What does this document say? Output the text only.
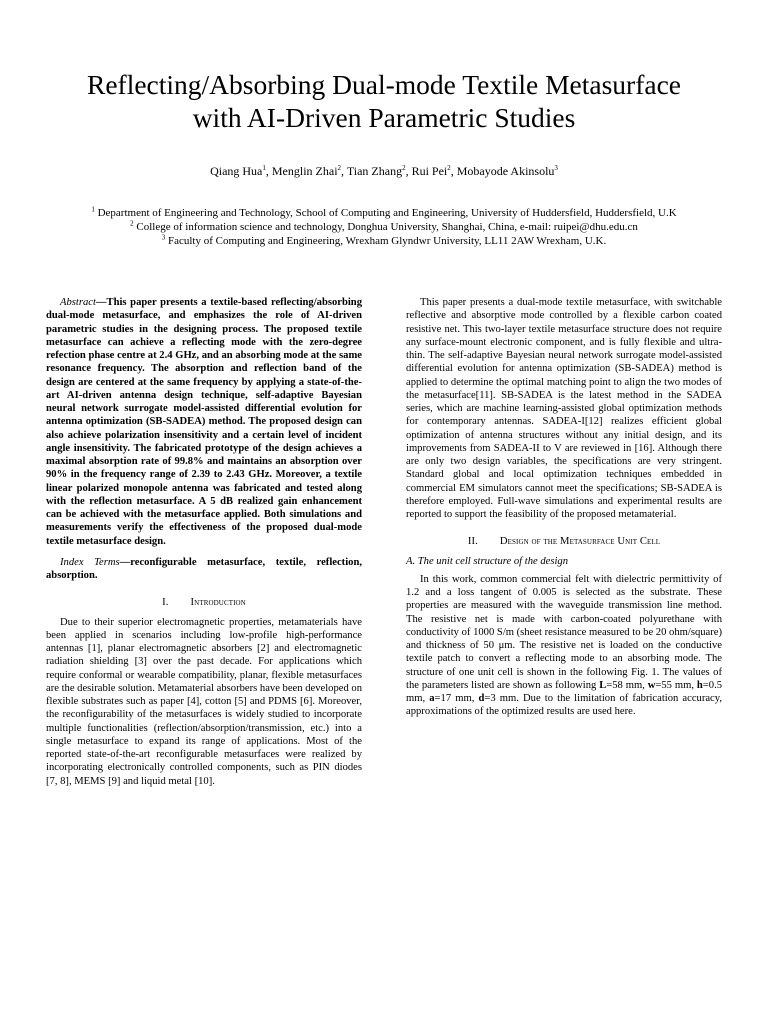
Reflecting/Absorbing Dual-mode Textile Metasurface
with AI-Driven Parametric Studies
Qiang Hua$^1$, Menglin Zhai$^2$, Tian Zhang$^2$, Rui Pei$^2$, Mobayode Akinsolu$^3$
$^1$ Department of Engineering and Technology, School of Computing and Engineering, University of Huddersfield, Huddersfield, U.K
$^2$ College of information science and technology, Donghua University, Shanghai, China, e-mail: ruipei@dhu.edu.cn
$^3$ Faculty of Computing and Engineering, Wrexham Glyndwr University, LL11 2AW Wrexham, U.K.

Abstract—This paper presents a textile-based reflecting/absorbing dual-mode metasurface, and emphasizes the role of AI-driven parametric studies in the designing process. The proposed textile metasurface can achieve a reflecting mode with the zero-degree refection phase centre at 2.4 GHz, and an absorbing mode at the same resonance frequency. The absorption and reflection band of the design are centered at the same frequency by applying a state-of-the-art AI-driven antenna design technique, self-adaptive Bayesian neural network surrogate model-assisted differential evolution for antenna optimization (SB-SADEA) method. The proposed design can also achieve polarization insensitivity and a certain level of incident angle insensitivity. The fabricated prototype of the design achieves a maximal absorption rate of 99.8% and maintains an absorption over 90% in the frequency range of 2.39 to 2.43 GHz. Moreover, a textile linear polarized monopole antenna was fabricated and tested along with the reflection metasurface. A 5 dB realized gain enhancement can be achieved with the metasurface applied. Both simulations and measurements verify the effectiveness of the proposed dual-mode textile metasurface design.

Index Terms—reconfigurable metasurface, textile, reflection, absorption.

I. Introduction

Due to their superior electromagnetic properties, metamaterials have been applied in scenarios including low-profile high-performance antennas [1], planar electromagnetic absorbers [2] and electromagnetic radiation shielding [3] over the past decade. For applications which require conformal or wearable compatibility, planar, flexible metasurfaces are the desirable solution. Metamaterial absorbers have been developed on flexible substrates such as paper [4], cotton [5] and PDMS [6]. Moreover, the reconfigurability of the metasurfaces is widely studied to incorporate multiple functionalities (reflection/absorption/transmission, etc.) into a single metasurface to expand its range of applications. Most of the reported state-of-the-art reconfigurable metasurfaces were realized by incorporating electronically controlled components, such as PIN diodes [7, 8], MEMS [9] and liquid metal [10].

This paper presents a dual-mode textile metasurface, with switchable reflective and absorptive mode controlled by a flexible carbon coated resistive net. This two-layer textile metasurface structure does not require any surface-mount electronic component, and is fully flexible and ultra-thin. The self-adaptive Bayesian neural network surrogate model-assisted differential evolution for antenna optimization (SB-SADEA) method is applied to determine the optimal matching point to align the two modes of the metasurface[11]. SB-SADEA is the latest method in the SADEA series, which are machine learning-assisted global optimization methods for contemporary antennas. SADEA-I[12] realizes efficient global optimization of antenna structures without any initial design, and its improvements from SADEA-II to V are reviewed in [16]. Although there are only two design variables, the specifications are very stringent. Standard global and local optimization techniques embedded in commercial EM simulators cannot meet the specifications; SB-SADEA is therefore employed. Full-wave simulations and experimental results are reported to support the feasibility of the proposed metamaterial.

II. Design of the Metasurface Unit Cell
A. The unit cell structure of the design

In this work, common commercial felt with dielectric permittivity of 1.2 and a loss tangent of 0.005 is selected as the substrate. These properties are measured with the waveguide transmission line method. The resistive net is made with carbon-coated polyurethane with conductivity of 1000 S/m (sheet resistance measured to be 20 ohm/square) and thickness of 50 μm. The resistive net is loaded on the conductive textile patch to convert a reflecting mode to an absorbing mode. The structure of one unit cell is shown in the following Fig. 1. The values of the parameters listed are shown as following L=58 mm, w=55 mm, h=0.5 mm, a=17 mm, d=3 mm. Due to the limitation of fabrication accuracy, approximations of the optimized results are used here.
